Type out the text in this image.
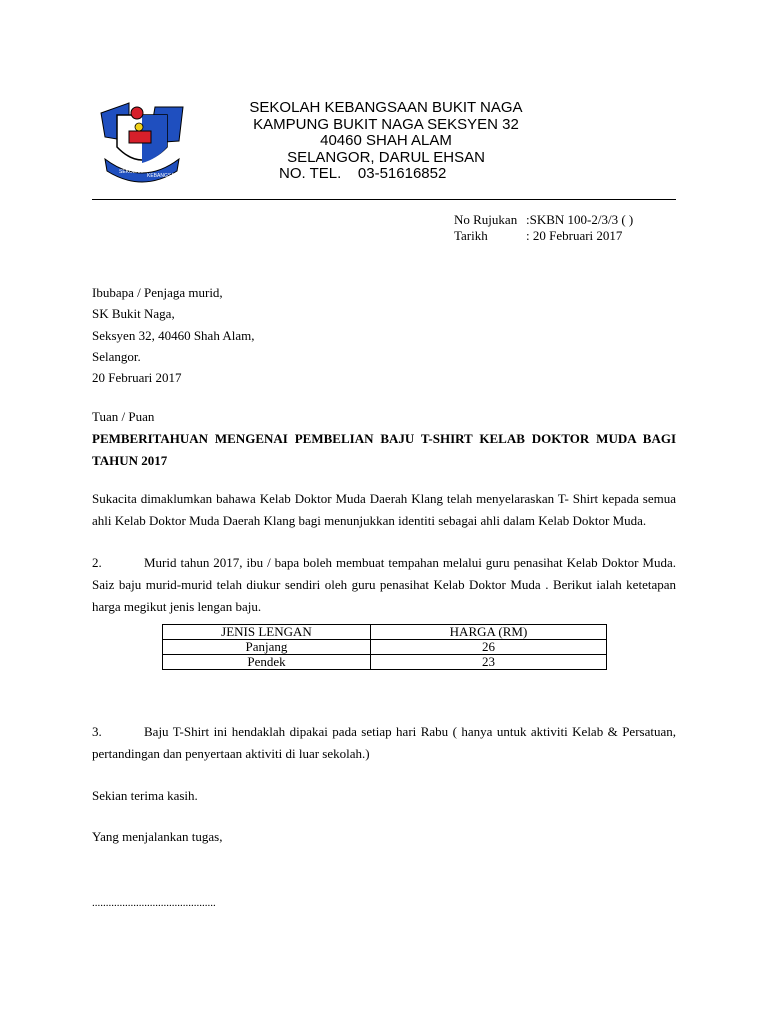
SEKOLAH
KEBANGSAAN
SEKOLAH KEBANGSAAN BUKIT NAGA
KAMPUNG BUKIT NAGA SEKSYEN 32
40460 SHAH ALAM
SELANGOR, DARUL EHSAN
NO. TEL.    03-51616852
No Rujukan :SKBN 100-2/3/3 ( )
Tarikh	: 20 Februari 2017
Ibubapa / Penjaga murid,
SK Bukit Naga,
Seksyen 32, 40460 Shah Alam,
Selangor.
20 Februari 2017
Tuan / Puan
PEMBERITAHUAN MENGENAI PEMBELIAN BAJU T-SHIRT KELAB DOKTOR MUDA BAGI TAHUN 2017
Sukacita dimaklumkan bahawa Kelab Doktor Muda Daerah Klang telah menyelaraskan T- Shirt kepada semua ahli Kelab Doktor Muda Daerah Klang bagi menunjukkan identiti sebagai ahli dalam Kelab Doktor Muda.
2.	Murid tahun 2017, ibu / bapa boleh membuat tempahan melalui guru penasihat Kelab Doktor Muda. Saiz baju murid-murid telah diukur sendiri oleh guru penasihat Kelab Doktor Muda . Berikut ialah ketetapan harga megikut jenis lengan baju.
JENIS LENGAN	HARGA (RM)
Panjang	26
Pendek	23
3.	Baju T-Shirt ini hendaklah dipakai pada setiap hari Rabu ( hanya untuk aktiviti Kelab & Persatuan, pertandingan dan penyertaan aktiviti di luar sekolah.)
Sekian terima kasih.
Yang menjalankan tugas,
.............................................
